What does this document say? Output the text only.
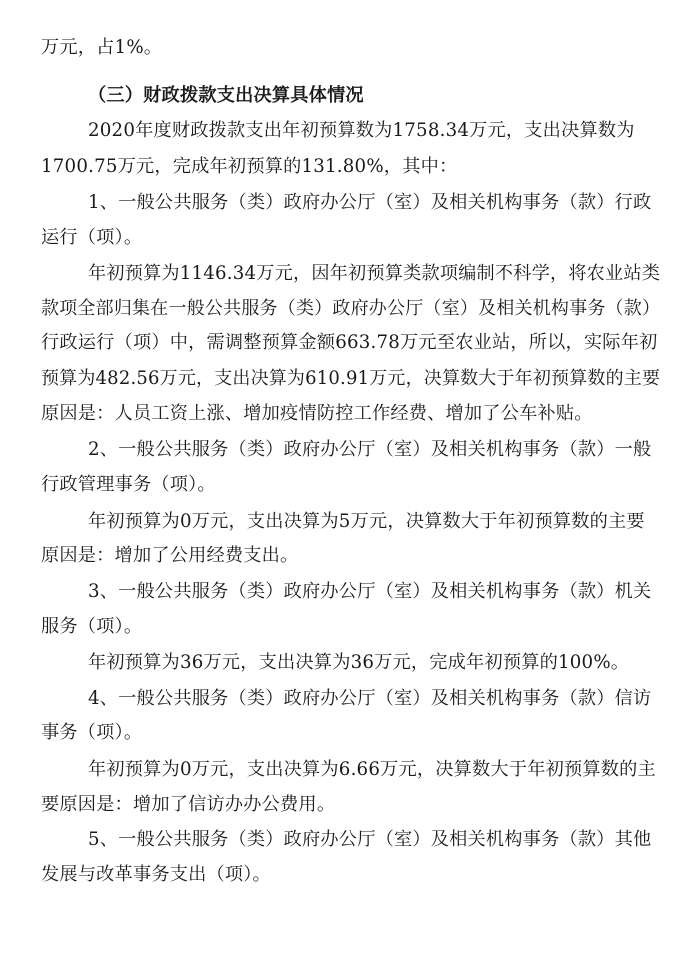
万元，占1%。
（三）财政拨款支出决算具体情况
2020年度财政拨款支出年初预算数为1758.34万元，支出决算数为
1700.75万元，完成年初预算的131.80%，其中：
1、一般公共服务（类）政府办公厅（室）及相关机构事务（款）行政
运行（项）。
年初预算为1146.34万元，因年初预算类款项编制不科学，将农业站类
款项全部归集在一般公共服务（类）政府办公厅（室）及相关机构事务（款）
行政运行（项）中，需调整预算金额663.78万元至农业站，所以，实际年初
预算为482.56万元，支出决算为610.91万元，决算数大于年初预算数的主要
原因是：人员工资上涨、增加疫情防控工作经费、增加了公车补贴。
2、一般公共服务（类）政府办公厅（室）及相关机构事务（款）一般
行政管理事务（项）。
年初预算为0万元，支出决算为5万元，决算数大于年初预算数的主要
原因是：增加了公用经费支出。
3、一般公共服务（类）政府办公厅（室）及相关机构事务（款）机关
服务（项）。
年初预算为36万元，支出决算为36万元，完成年初预算的100%。
4、一般公共服务（类）政府办公厅（室）及相关机构事务（款）信访
事务（项）。
年初预算为0万元，支出决算为6.66万元，决算数大于年初预算数的主
要原因是：增加了信访办办公费用。
5、一般公共服务（类）政府办公厅（室）及相关机构事务（款）其他
发展与改革事务支出（项）。
